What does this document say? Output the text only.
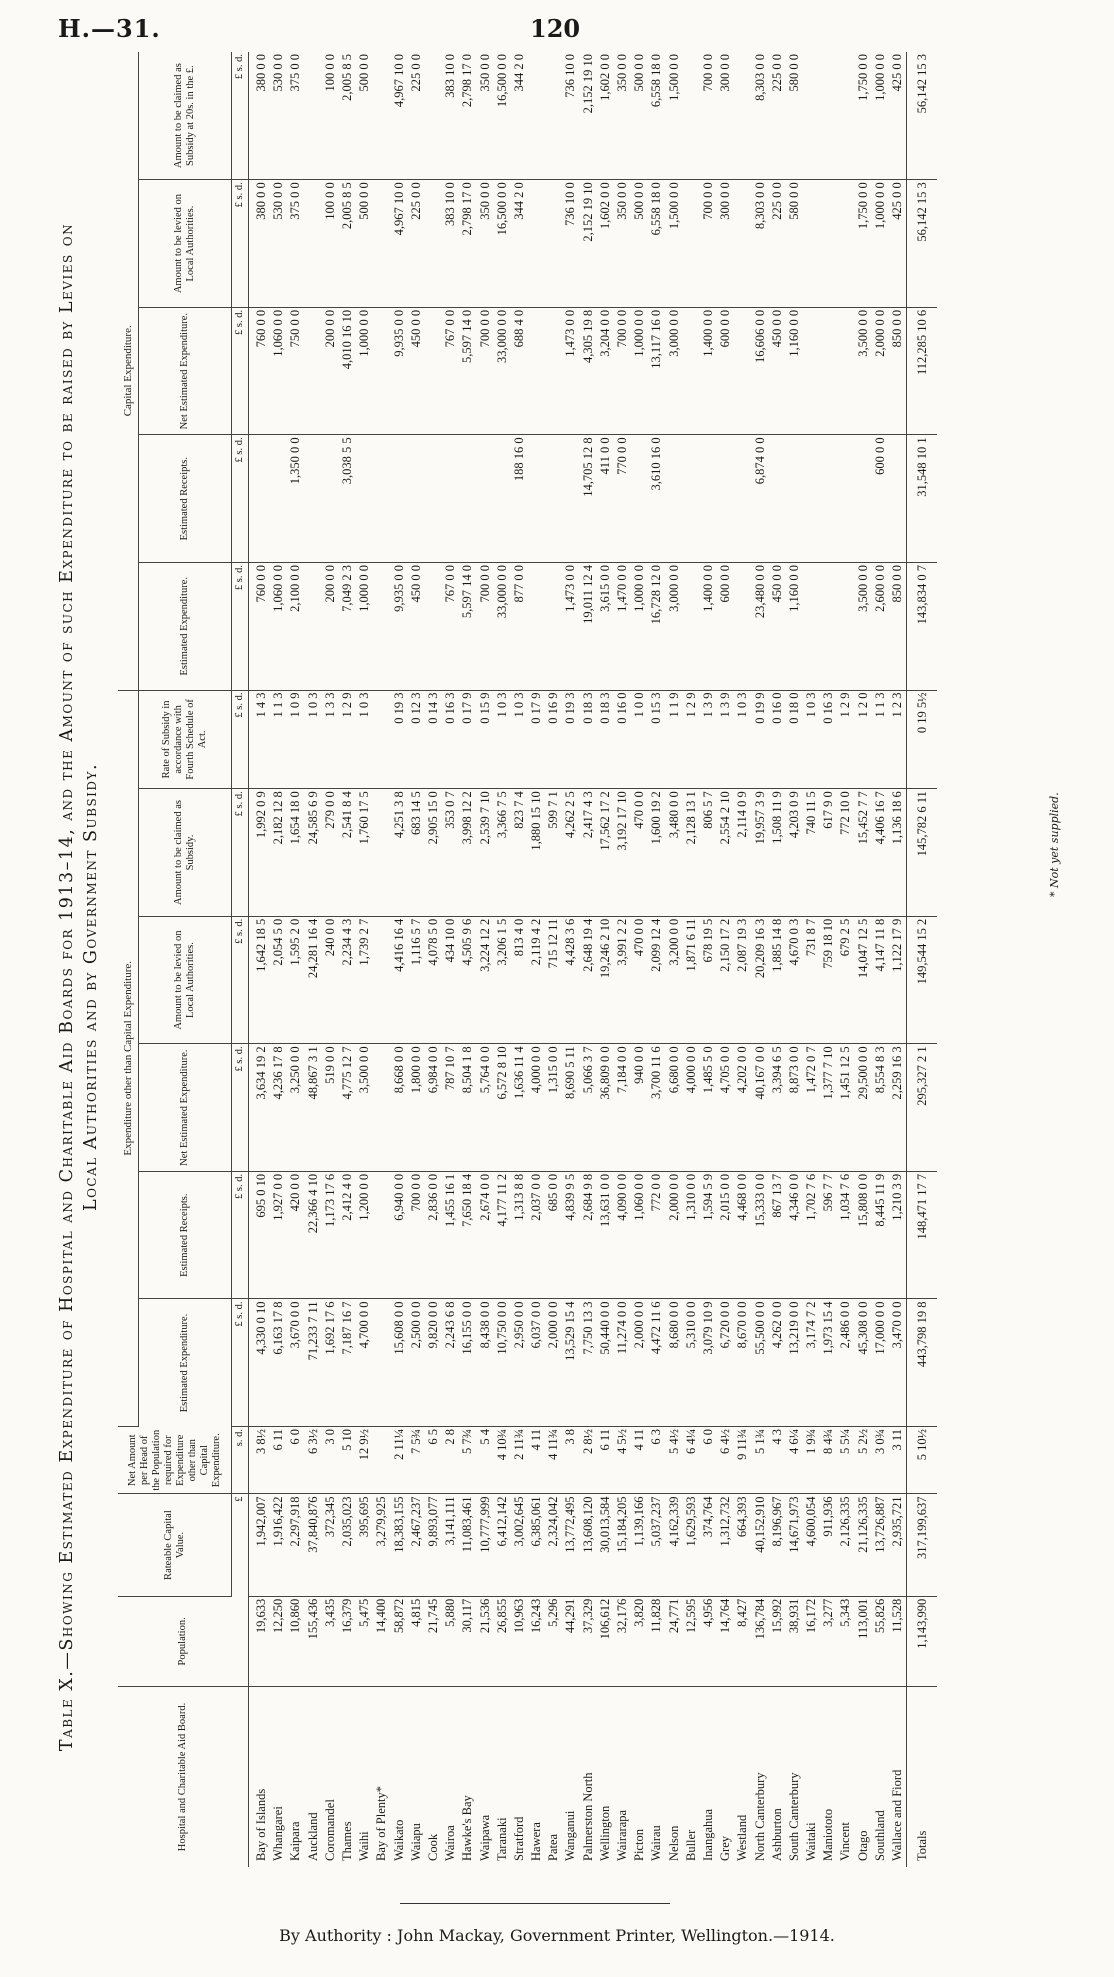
H.—31.	120
Table X.—Showing Estimated Expenditure of Hospital and Charitable Aid Boards for 1913–14, and the Amount of such Expenditure to be raised by Levies on Local Authorities and by Government Subsidy.
Hospital and Charitable Aid Board.	Population.	Rateable Capital Value.	Net Amount per Head of the Population required for Expenditure other than Capital Expenditure.	Expenditure other than Capital Expenditure.						Capital Expenditure.				
				Estimated Expenditure.	Estimated Receipts.	Net Estimated Expenditure.	Amount to be levied on Local Authorities.	Amount to be claimed as Subsidy.	Rate of Subsidy in accordance with Fourth Schedule of Act.	Estimated Expenditure.	Estimated Receipts.	Net Estimated Expenditure.	Amount to be levied on Local Authorities.	Amount to be claimed as Subsidy at 20s. in the £.
		£	s. d.	£ s. d.	£ s. d.	£ s. d.	£ s. d.	£ s. d.	£ s. d.	£ s. d.	£ s. d.	£ s. d.	£ s. d.	£ s. d.
Bay of Islands	19,633	1,942,007	3 8½	4,330 0 10	695 0 10	3,634 19 2	1,642 18 5	1,992 0 9	1 4 3	760 0 0		760 0 0	380 0 0	380 0 0
Whangarei	12,250	1,916,422	6 11	6,163 17 8	1,927 0 0	4,236 17 8	2,054 5 0	2,182 12 8	1 1 3	1,060 0 0		1,060 0 0	530 0 0	530 0 0
Kaipara	10,860	2,297,918	6 0	3,670 0 0	420 0 0	3,250 0 0	1,595 2 0	1,654 18 0	1 0 9	2,100 0 0	1,350 0 0	750 0 0	375 0 0	375 0 0
Auckland	155,436	37,840,876	6 3½	71,233 7 11	22,366 4 10	48,867 3 1	24,281 16 4	24,585 6 9	1 0 3					
Coromandel	3,435	372,345	3 0	1,692 17 6	1,173 17 6	519 0 0	240 0 0	279 0 0	1 3 3	200 0 0		200 0 0	100 0 0	100 0 0
Thames	16,379	2,035,023	5 10	7,187 16 7	2,412 4 0	4,775 12 7	2,234 4 3	2,541 8 4	1 2 9	7,049 2 3	3,038 5 5	4,010 16 10	2,005 8 5	2,005 8 5
Waihi	5,475	395,695	12 9½	4,700 0 0	1,200 0 0	3,500 0 0	1,739 2 7	1,760 17 5	1 0 3	1,000 0 0		1,000 0 0	500 0 0	500 0 0
Bay of Plenty*	14,400	3,279,925												
Waikato	58,872	18,383,155	2 11¼	15,608 0 0	6,940 0 0	8,668 0 0	4,416 16 4	4,251 3 8	0 19 3	9,935 0 0		9,935 0 0	4,967 10 0	4,967 10 0
Waiapu	4,815	2,467,237	7 5¾	2,500 0 0	700 0 0	1,800 0 0	1,116 5 7	683 14 5	0 12 3	450 0 0		450 0 0	225 0 0	225 0 0
Cook	21,745	9,893,077	6 5	9,820 0 0	2,836 0 0	6,984 0 0	4,078 5 0	2,905 15 0	0 14 3					
Wairoa	5,880	3,141,111	2 8	2,243 6 8	1,455 16 1	787 10 7	434 10 0	353 0 7	0 16 3	767 0 0		767 0 0	383 10 0	383 10 0
Hawke's Bay	30,117	11,083,461	5 7¾	16,155 0 0	7,650 18 4	8,504 1 8	4,505 9 6	3,998 12 2	0 17 9	5,597 14 0		5,597 14 0	2,798 17 0	2,798 17 0
Waipawa	21,536	10,777,999	5 4	8,438 0 0	2,674 0 0	5,764 0 0	3,224 12 2	2,539 7 10	0 15 9	700 0 0		700 0 0	350 0 0	350 0 0
Taranaki	26,855	6,412,142	4 10¾	10,750 0 0	4,177 11 2	6,572 8 10	3,206 1 5	3,366 7 5	1 0 3	33,000 0 0		33,000 0 0	16,500 0 0	16,500 0 0
Stratford	10,963	3,002,645	2 11¾	2,950 0 0	1,313 8 8	1,636 11 4	813 4 0	823 7 4	1 0 3	877 0 0	188 16 0	688 4 0	344 2 0	344 2 0
Hawera	16,243	6,385,061	4 11	6,037 0 0	2,037 0 0	4,000 0 0	2,119 4 2	1,880 15 10	0 17 9					
Patea	5,296	2,324,042	4 11¾	2,000 0 0	685 0 0	1,315 0 0	715 12 11	599 7 1	0 16 9					
Wanganui	44,291	13,772,495	3 8	13,529 15 4	4,839 9 5	8,690 5 11	4,428 3 6	4,262 2 5	0 19 3	1,473 0 0		1,473 0 0	736 10 0	736 10 0
Palmerston North	37,329	13,608,120	2 8½	7,750 13 3	2,684 9 8	5,066 3 7	2,648 19 4	2,417 4 3	0 18 3	19,011 12 4	14,705 12 8	4,305 19 8	2,152 19 10	2,152 19 10
Wellington	106,612	30,013,584	6 11	50,440 0 0	13,631 0 0	36,809 0 0	19,246 2 10	17,562 17 2	0 18 3	3,615 0 0	411 0 0	3,204 0 0	1,602 0 0	1,602 0 0
Wairarapa	32,176	15,184,205	4 5½	11,274 0 0	4,090 0 0	7,184 0 0	3,991 2 2	3,192 17 10	0 16 0	1,470 0 0	770 0 0	700 0 0	350 0 0	350 0 0
Picton	3,820	1,139,166	4 11	2,000 0 0	1,060 0 0	940 0 0	470 0 0	470 0 0	1 0 0	1,000 0 0		1,000 0 0	500 0 0	500 0 0
Wairau	11,828	5,037,237	6 3	4,472 11 6	772 0 0	3,700 11 6	2,099 12 4	1,600 19 2	0 15 3	16,728 12 0	3,610 16 0	13,117 16 0	6,558 18 0	6,558 18 0
Nelson	24,771	4,162,339	5 4½	8,680 0 0	2,000 0 0	6,680 0 0	3,200 0 0	3,480 0 0	1 1 9	3,000 0 0		3,000 0 0	1,500 0 0	1,500 0 0
Buller	12,595	1,629,593	6 4¼	5,310 0 0	1,310 0 0	4,000 0 0	1,871 6 11	2,128 13 1	1 2 9					
Inangahua	4,956	374,764	6 0	3,079 10 9	1,594 5 9	1,485 5 0	678 19 5	806 5 7	1 3 9	1,400 0 0		1,400 0 0	700 0 0	700 0 0
Grey	14,764	1,312,732	6 4½	6,720 0 0	2,015 0 0	4,705 0 0	2,150 17 2	2,554 2 10	1 3 9	600 0 0		600 0 0	300 0 0	300 0 0
Westland	8,427	664,393	9 11¾	8,670 0 0	4,468 0 0	4,202 0 0	2,087 19 3	2,114 0 9	1 0 3					
North Canterbury	136,784	40,152,910	5 1¾	55,500 0 0	15,333 0 0	40,167 0 0	20,209 16 3	19,957 3 9	0 19 9	23,480 0 0	6,874 0 0	16,606 0 0	8,303 0 0	8,303 0 0
Ashburton	15,992	8,196,967	4 3	4,262 0 0	867 13 7	3,394 6 5	1,885 14 8	1,508 11 9	0 16 0	450 0 0		450 0 0	225 0 0	225 0 0
South Canterbury	38,931	14,671,973	4 6¼	13,219 0 0	4,346 0 0	8,873 0 0	4,670 0 3	4,203 0 9	0 18 0	1,160 0 0		1,160 0 0	580 0 0	580 0 0
Waitaki	16,172	4,600,054	1 9¾	3,174 7 2	1,702 7 6	1,472 0 7	731 8 7	740 11 5	1 0 3					
Maniototo	3,277	911,936	8 4¾	1,973 15 4	596 7 7	1,377 7 10	759 18 10	617 9 0	0 16 3					
Vincent	5,343	2,126,335	5 5¼	2,486 0 0	1,034 7 6	1,451 12 5	679 2 5	772 10 0	1 2 9					
Otago	113,001	21,126,335	5 2½	45,308 0 0	15,808 0 0	29,500 0 0	14,047 12 5	15,452 7 7	1 2 0	3,500 0 0		3,500 0 0	1,750 0 0	1,750 0 0
Southland	55,826	13,726,887	3 0¾	17,000 0 0	8,445 11 9	8,554 8 3	4,147 11 8	4,406 16 7	1 1 3	2,600 0 0	600 0 0	2,000 0 0	1,000 0 0	1,000 0 0
Wallace and Fiord	11,528	2,935,721	3 11	3,470 0 0	1,210 3 9	2,259 16 3	1,122 17 9	1,136 18 6	1 2 3	850 0 0		850 0 0	425 0 0	425 0 0
Totals	1,143,990	317,199,637	5 10½	443,798 19 8	148,471 17 7	295,327 2 1	149,544 15 2	145,782 6 11	0 19 5½	143,834 0 7	31,548 10 1	112,285 10 6	56,142 15 3	56,142 15 3
* Not yet supplied.
By Authority : John Mackay, Government Printer, Wellington.—1914.
